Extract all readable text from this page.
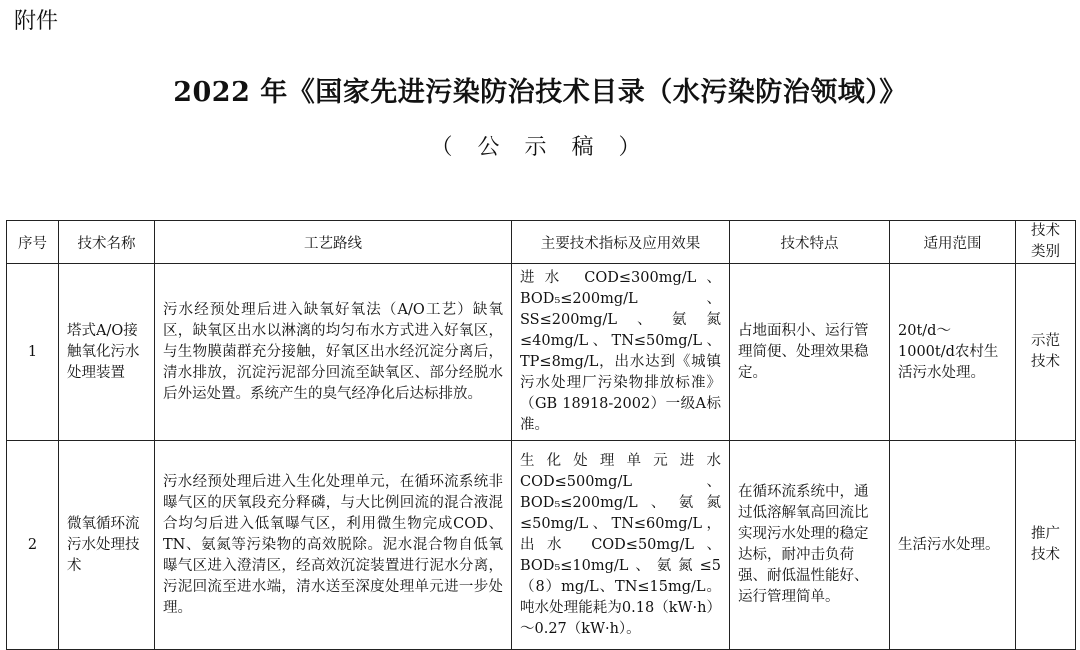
附件
2022 年《国家先进污染防治技术目录（水污染防治领域）》
（ 公 示 稿 ）
序号	技术名称	工艺路线	主要技术指标及应用效果	技术特点	适用范围	技术类别
1	塔式A/O接触氧化污水处理装置	污水经预处理后进入缺氧好氧法（A/O工艺）缺氧区，缺氧区出水以淋漓的均匀布水方式进入好氧区，与生物膜菌群充分接触，好氧区出水经沉淀分离后，清水排放，沉淀污泥部分回流至缺氧区、部分经脱水后外运处置。系统产生的臭气经净化后达标排放。	进水 COD≤300mg/L、BOD₅≤200mg/L、SS≤200mg/L、氨氮≤40mg/L、TN≤50mg/L、TP≤8mg/L，出水达到《城镇污水处理厂污染物排放标准》（GB 18918-2002）一级A标准。	占地面积小、运行管理简便、处理效果稳定。	20t/d～1000t/d农村生活污水处理。	示范技术
2	微氧循环流污水处理技术	污水经预处理后进入生化处理单元，在循环流系统非曝气区的厌氧段充分释磷，与大比例回流的混合液混合均匀后进入低氧曝气区，利用微生物完成COD、TN、氨氮等污染物的高效脱除。泥水混合物自低氧曝气区进入澄清区，经高效沉淀装置进行泥水分离，污泥回流至进水端，清水送至深度处理单元进一步处理。	生化处理单元进水 COD≤500mg/L、BOD₅≤200mg/L、氨氮≤50mg/L、TN≤60mg/L，出水 COD≤50mg/L、BOD₅≤10mg/L、氨氮≤5（8）mg/L、TN≤15mg/L。吨水处理能耗为0.18（kW·h）～0.27（kW·h）。	在循环流系统中，通过低溶解氧高回流比实现污水处理的稳定达标，耐冲击负荷强、耐低温性能好、运行管理简单。	生活污水处理。	推广技术
